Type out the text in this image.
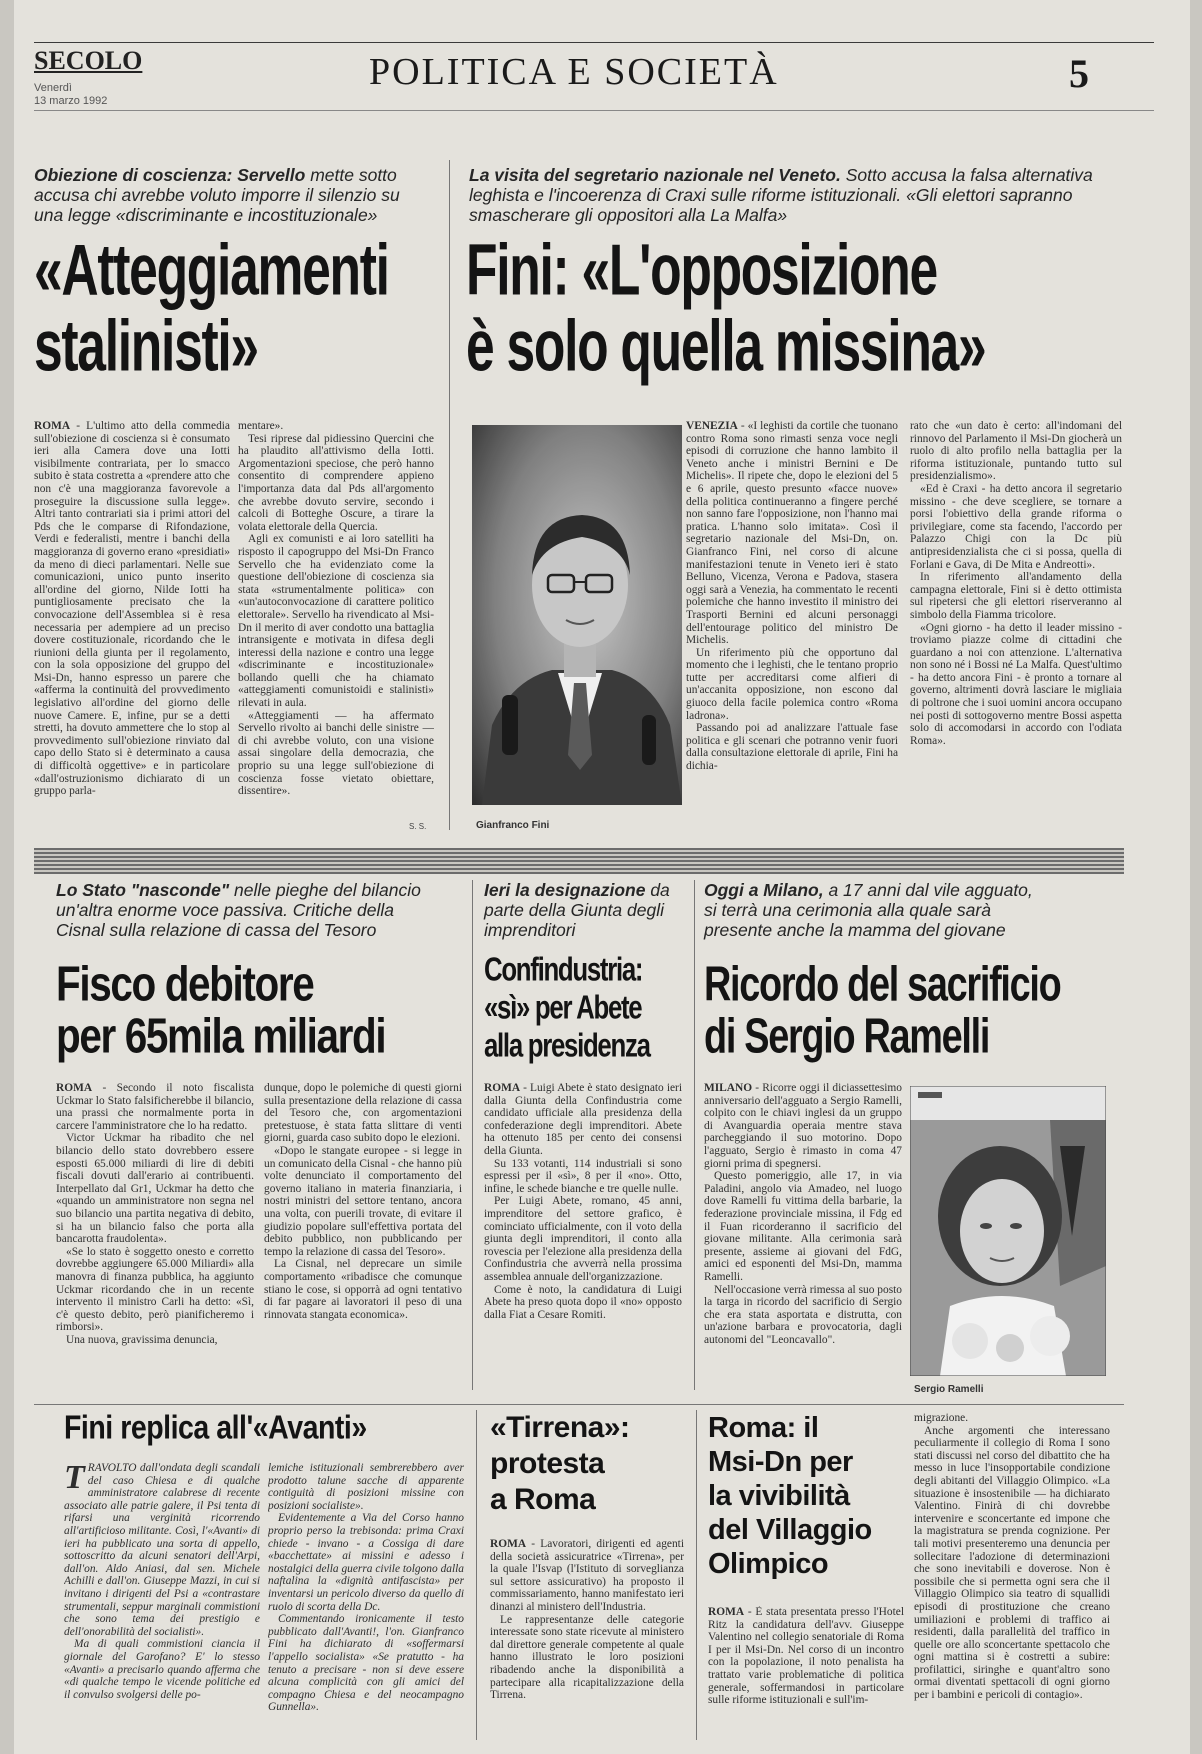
SECOLO
Venerdì
13 marzo 1992
POLITICA E SOCIETÀ	5
Obiezione di coscienza: Servello mette sotto accusa chi avrebbe voluto imporre il silenzio su una legge «discriminante e incostituzionale»
«Atteggiamenti
stalinisti»

ROMA - L'ultimo atto della commedia sull'obiezione di coscienza si è consumato ieri alla Camera dove una Iotti visibilmente contrariata, per lo smacco subito è stata costretta a «prendere atto che non c'è una maggioranza favorevole a proseguire la discussione sulla legge». Altri tanto contrariati sia i primi attori del Pds che le comparse di Rifondazione, Verdi e federalisti, mentre i banchi della maggioranza di governo erano «presidiati» da meno di dieci parlamentari. Nelle sue comunicazioni, unico punto inserito all'ordine del giorno, Nilde Iotti ha puntigliosamente precisato che la convocazione dell'Assemblea si è resa necessaria per adempiere ad un preciso dovere costituzionale, ricordando che le riunioni della giunta per il regolamento, con la sola opposizione del gruppo del Msi-Dn, hanno espresso un parere che «afferma la continuità del provvedimento legislativo all'ordine del giorno delle nuove Camere. E, infine, pur se a detti stretti, ha dovuto ammettere che lo stop al provvedimento sull'obiezione rinviato dal capo dello Stato si è determinato a causa di difficoltà oggettive» e in particolare «dall'ostruzionismo dichiarato di un gruppo parla-

mentare».

Tesi riprese dal pidiessino Quercini che ha plaudito all'attivismo della Iotti. Argomentazioni speciose, che però hanno consentito di comprendere appieno l'importanza data dal Pds all'argomento che avrebbe dovuto servire, secondo i calcoli di Botteghe Oscure, a tirare la volata elettorale della Quercia.

Agli ex comunisti e ai loro satelliti ha risposto il capogruppo del Msi-Dn Franco Servello che ha evidenziato come la questione dell'obiezione di coscienza sia stata «strumentalmente politica» con «un'autoconvocazione di carattere politico elettorale». Servello ha rivendicato al Msi-Dn il merito di aver condotto una battaglia intransigente e motivata in difesa degli interessi della nazione e contro una legge «discriminante e incostituzionale» bollando quelli che ha chiamato «atteggiamenti comunistoidi e stalinisti» rilevati in aula.

«Atteggiamenti — ha affermato Servello rivolto ai banchi delle sinistre — di chi avrebbe voluto, con una visione assai singolare della democrazia, che proprio su una legge sull'obiezione di coscienza fosse vietato obiettare, dissentire».

S. S.
La visita del segretario nazionale nel Veneto. Sotto accusa la falsa alternativa leghista e l'incoerenza di Craxi sulle riforme istituzionali. «Gli elettori sapranno smascherare gli oppositori alla La Malfa»
Fini: «L'opposizione
è solo quella missina»
Gianfranco Fini

VENEZIA - «I leghisti da cortile che tuonano contro Roma sono rimasti senza voce negli episodi di corruzione che hanno lambito il Veneto anche i ministri Bernini e De Michelis». Il ripete che, dopo le elezioni del 5 e 6 aprile, questo presunto «facce nuove» della politica continueranno a fingere perché non sanno fare l'opposizione, non l'hanno mai pratica. L'hanno solo imitata». Così il segretario nazionale del Msi-Dn, on. Gianfranco Fini, nel corso di alcune manifestazioni tenute in Veneto ieri è stato Belluno, Vicenza, Verona e Padova, stasera oggi sarà a Venezia, ha commentato le recenti polemiche che hanno investito il ministro dei Trasporti Bernini ed alcuni personaggi dell'entourage politico del ministro De Michelis.

Un riferimento più che opportuno dal momento che i leghisti, che le tentano proprio tutte per accreditarsi come alfieri di un'accanita opposizione, non escono dal giuoco della facile polemica contro «Roma ladrona».

Passando poi ad analizzare l'attuale fase politica e gli scenari che potranno venir fuori dalla consultazione elettorale di aprile, Fini ha dichia-

rato che «un dato è certo: all'indomani del rinnovo del Parlamento il Msi-Dn giocherà un ruolo di alto profilo nella battaglia per la riforma istituzionale, puntando tutto sul presidenzialismo».

«Ed è Craxi - ha detto ancora il segretario missino - che deve scegliere, se tornare a porsi l'obiettivo della grande riforma o privilegiare, come sta facendo, l'accordo per Palazzo Chigi con la Dc più antipresidenzialista che ci si possa, quella di Forlani e Gava, di De Mita e Andreotti».

In riferimento all'andamento della campagna elettorale, Fini si è detto ottimista sul ripetersi che gli elettori riserveranno al simbolo della Fiamma tricolore.

«Ogni giorno - ha detto il leader missino - troviamo piazze colme di cittadini che guardano a noi con attenzione. L'alternativa non sono né i Bossi né La Malfa. Quest'ultimo - ha detto ancora Fini - è pronto a tornare al governo, altrimenti dovrà lasciare le migliaia di poltrone che i suoi uomini ancora occupano nei posti di sottogoverno mentre Bossi aspetta solo di accomodarsi in accordo con l'odiata Roma».

Lo Stato "nasconde" nelle pieghe del bilancio un'altra enorme voce passiva. Critiche della Cisnal sulla relazione di cassa del Tesoro
Fisco debitore
per 65mila miliardi

ROMA - Secondo il noto fiscalista Uckmar lo Stato falsificherebbe il bilancio, una prassi che normalmente porta in carcere l'amministratore che lo ha redatto.

Victor Uckmar ha ribadito che nel bilancio dello stato dovrebbero essere esposti 65.000 miliardi di lire di debiti fiscali dovuti dall'erario ai contribuenti. Interpellato dal Gr1, Uckmar ha detto che «quando un amministratore non segna nel suo bilancio una partita negativa di debito, si ha un bilancio falso che porta alla bancarotta fraudolenta».

«Se lo stato è soggetto onesto e corretto dovrebbe aggiungere 65.000 Miliardi» alla manovra di finanza pubblica, ha aggiunto Uckmar ricordando che in un recente intervento il ministro Carli ha detto: «Sì, c'è questo debito, però pianificheremo i rimborsi».

Una nuova, gravissima denuncia,

dunque, dopo le polemiche di questi giorni sulla presentazione della relazione di cassa del Tesoro che, con argomentazioni pretestuose, è stata fatta slittare di venti giorni, guarda caso subito dopo le elezioni.

«Dopo le stangate europee - si legge in un comunicato della Cisnal - che hanno più volte denunciato il comportamento del governo italiano in materia finanziaria, i nostri ministri del settore tentano, ancora una volta, con puerili trovate, di evitare il giudizio popolare sull'effettiva portata del debito pubblico, non pubblicando per tempo la relazione di cassa del Tesoro».

La Cisnal, nel deprecare un simile comportamento «ribadisce che comunque stiano le cose, si opporrà ad ogni tentativo di far pagare ai lavoratori il peso di una rinnovata stangata economica».

Ieri la designazione da parte della Giunta degli imprenditori
Confindustria:
«sì» per Abete
alla presidenza

ROMA - Luigi Abete è stato designato ieri dalla Giunta della Confindustria come candidato ufficiale alla presidenza della confederazione degli imprenditori. Abete ha ottenuto 185 per cento dei consensi della Giunta.

Su 133 votanti, 114 industriali si sono espressi per il «sì», 8 per il «no». Otto, infine, le schede bianche e tre quelle nulle.

Per Luigi Abete, romano, 45 anni, imprenditore del settore grafico, è cominciato ufficialmente, con il voto della giunta degli imprenditori, il conto alla rovescia per l'elezione alla presidenza della Confindustria che avverrà nella prossima assemblea annuale dell'organizzazione.

Come è noto, la candidatura di Luigi Abete ha preso quota dopo il «no» opposto dalla Fiat a Cesare Romiti.

Oggi a Milano, a 17 anni dal vile agguato, si terrà una cerimonia alla quale sarà presente anche la mamma del giovane
Ricordo del sacrificio
di Sergio Ramelli

MILANO - Ricorre oggi il diciassettesimo anniversario dell'agguato a Sergio Ramelli, colpito con le chiavi inglesi da un gruppo di Avanguardia operaia mentre stava parcheggiando il suo motorino. Dopo l'agguato, Sergio è rimasto in coma 47 giorni prima di spegnersi.

Questo pomeriggio, alle 17, in via Paladini, angolo via Amadeo, nel luogo dove Ramelli fu vittima della barbarie, la federazione provinciale missina, il Fdg ed il Fuan ricorderanno il sacrificio del giovane militante. Alla cerimonia sarà presente, assieme ai giovani del FdG, amici ed esponenti del Msi-Dn, mamma Ramelli.

Nell'occasione verrà rimessa al suo posto la targa in ricordo del sacrificio di Sergio che era stata asportata e distrutta, con un'azione barbara e provocatoria, dagli autonomi del "Leoncavallo".

Sergio Ramelli
Fini replica all'«Avanti»

TRAVOLTO dall'ondata degli scandali del caso Chiesa e di qualche amministratore calabrese di recente associato alle patrie galere, il Psi tenta di rifarsi una verginità ricorrendo all'artificioso militante. Così, l'«Avanti» di ieri ha pubblicato una sorta di appello, sottoscritto da alcuni senatori dell'Arpi, dall'on. Aldo Aniasi, dal sen. Michele Achilli e dall'on. Giuseppe Mazzi, in cui si invitano i dirigenti del Psi a «contrastare strumentali, seppur marginali commistioni che sono tema dei prestigio e dell'onorabilità del socialisti».

Ma di quali commistioni ciancia il giornale del Garofano? E' lo stesso «Avanti» a precisarlo quando afferma che «di qualche tempo le vicende politiche ed il convulso svolgersi delle po-

lemiche istituzionali sembrerebbero aver prodotto talune sacche di apparente contiguità di posizioni missine con posizioni socialiste».

Evidentemente a Via del Corso hanno proprio perso la trebisonda: prima Craxi chiede - invano - a Cossiga di dare «bacchettate» ai missini e adesso i nostalgici della guerra civile tolgono dalla naftalina la «dignità antifascista» per inventarsi un pericolo diverso da quello di ruolo di scorta della Dc.

Commentando ironicamente il testo pubblicato dall'Avanti!, l'on. Gianfranco Fini ha dichiarato di «soffermarsi l'appello socialista» «Se pratutto - ha tenuto a precisare - non si deve essere alcuna complicità con gli amici del compagno Chiesa e del neocampagno Gunnella».

«Tirrena»:
protesta
a Roma

ROMA - Lavoratori, dirigenti ed agenti della società assicuratrice «Tirrena», per la quale l'Isvap (l'Istituto di sorveglianza sul settore assicurativo) ha proposto il commissariamento, hanno manifestato ieri dinanzi al ministero dell'Industria.

Le rappresentanze delle categorie interessate sono state ricevute al ministero dal direttore generale competente al quale hanno illustrato le loro posizioni ribadendo anche la disponibilità a partecipare alla ricapitalizzazione della Tirrena.

Roma: il
Msi-Dn per
la vivibilità
del Villaggio
Olimpico

ROMA - È stata presentata presso l'Hotel Ritz la candidatura dell'avv. Giuseppe Valentino nel collegio senatoriale di Roma I per il Msi-Dn. Nel corso di un incontro con la popolazione, il noto penalista ha trattato varie problematiche di politica generale, soffermandosi in particolare sulle riforme istituzionali e sull'im-

migrazione.

Anche argomenti che interessano peculiarmente il collegio di Roma I sono stati discussi nel corso del dibattito che ha messo in luce l'insopportabile condizione degli abitanti del Villaggio Olimpico. «La situazione è insostenibile — ha dichiarato Valentino. Finirà di chi dovrebbe intervenire e sconcertante ed impone che la magistratura se prenda cognizione. Per tali motivi presenteremo una denuncia per sollecitare l'adozione di determinazioni che sono inevitabili e doverose. Non è possibile che si permetta ogni sera che il Villaggio Olimpico sia teatro di squallidi episodi di prostituzione che creano umiliazioni e problemi di traffico ai residenti, dalla parallelità del traffico in quelle ore allo sconcertante spettacolo che ogni mattina si è costretti a subire: profilattici, siringhe e quant'altro sono ormai diventati spettacoli di ogni giorno per i bambini e pericoli di contagio».
